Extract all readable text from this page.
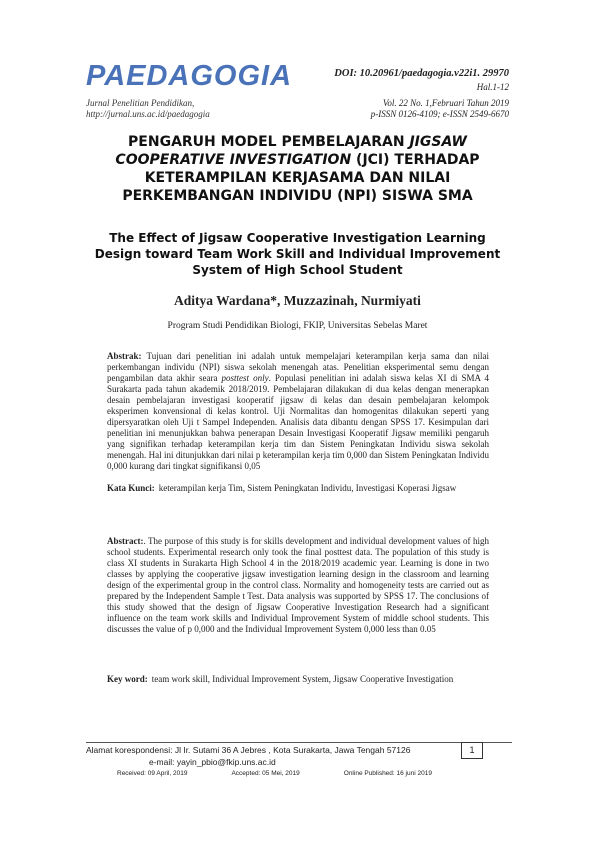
PAEDAGOGIA
Jurnal Penelitian Pendidikan,
http://jurnal.uns.ac.id/paedagogia
DOI: 10.20961/paedagogia.v22i1. 29970
Hal.1-12
Vol. 22 No. 1,Februari Tahun 2019
p-ISSN 0126-4109; e-ISSN 2549-6670
PENGARUH MODEL PEMBELAJARAN JIGSAW COOPERATIVE INVESTIGATION (JCI) TERHADAP KETERAMPILAN KERJASAMA DAN NILAI PERKEMBANGAN INDIVIDU (NPI) SISWA SMA
The Effect of Jigsaw Cooperative Investigation Learning Design toward Team Work Skill and Individual Improvement System of High School Student
Aditya Wardana*, Muzzazinah, Nurmiyati
Program Studi Pendidikan Biologi, FKIP, Universitas Sebelas Maret
Abstrak: Tujuan dari penelitian ini adalah untuk mempelajari keterampilan kerja sama dan nilai perkembangan individu (NPI) siswa sekolah menengah atas. Penelitian eksperimental semu dengan pengambilan data akhir seara posttest only. Populasi penelitian ini adalah siswa kelas XI di SMA 4 Surakarta pada tahun akademik 2018/2019. Pembelajaran dilakukan di dua kelas dengan menerapkan desain pembelajaran investigasi kooperatif jigsaw di kelas dan desain pembelajaran kelompok eksperimen konvensional di kelas kontrol. Uji Normalitas dan homogenitas dilakukan seperti yang dipersyaratkan oleh Uji t Sampel Independen. Analisis data dibantu dengan SPSS 17. Kesimpulan dari penelitian ini menunjukkan bahwa penerapan Desain Investigasi Kooperatif Jigsaw memiliki pengaruh yang signifikan terhadap keterampilan kerja tim dan Sistem Peningkatan Individu siswa sekolah menengah. Hal ini ditunjukkan dari nilai p keterampilan kerja tim 0,000 dan Sistem Peningkatan Individu 0,000 kurang dari tingkat signifikansi 0,05
Kata Kunci: keterampilan kerja Tim, Sistem Peningkatan Individu, Investigasi Koperasi Jigsaw
Abstract:. The purpose of this study is for skills development and individual development values of high school students. Experimental research only took the final posttest data. The population of this study is class XI students in Surakarta High School 4 in the 2018/2019 academic year. Learning is done in two classes by applying the cooperative jigsaw investigation learning design in the classroom and learning design of the experimental group in the control class. Normality and homogeneity tests are carried out as prepared by the Independent Sample t Test. Data analysis was supported by SPSS 17. The conclusions of this study showed that the design of Jigsaw Cooperative Investigation Research had a significant influence on the team work skills and Individual Improvement System of middle school students. This discusses the value of p 0,000 and the Individual Improvement System 0,000 less than 0.05
Key word: team work skill, Individual Improvement System, Jigsaw Cooperative Investigation
Alamat korespondensi: Jl Ir. Sutami 36 A Jebres , Kota Surakarta, Jawa Tengah 57126
e-mail: yayin_pbio@fkip.uns.ac.id
Received: 09 April, 2019	Accepted: 05 Mei, 2019	Online Published: 16 juni 2019
1
